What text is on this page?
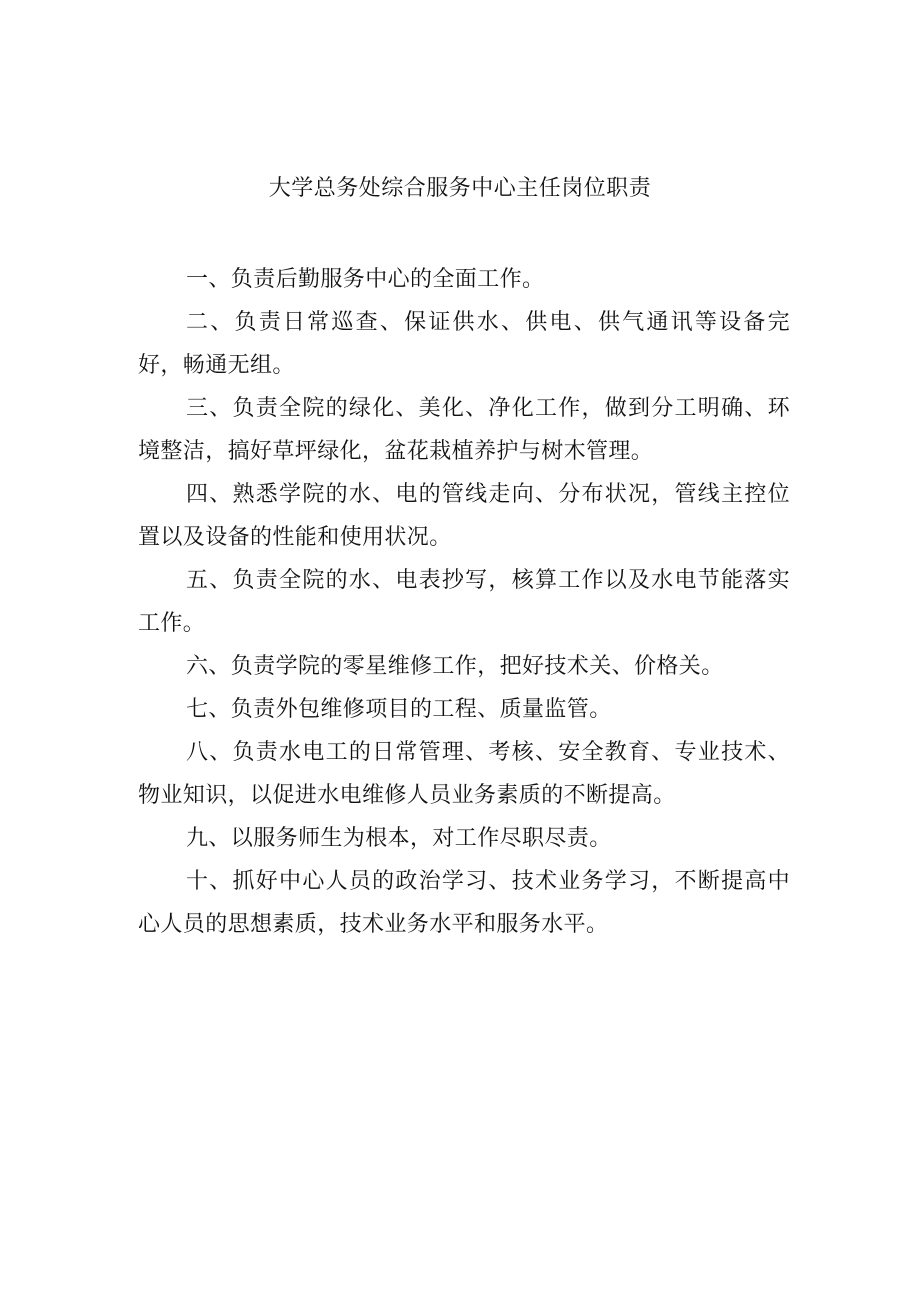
大学总务处综合服务中心主任岗位职责

一、负责后勤服务中心的全面工作。

二、负责日常巡查、保证供水、供电、供气通讯等设备完好，畅通无组。

三、负责全院的绿化、美化、净化工作，做到分工明确、环境整洁，搞好草坪绿化，盆花栽植养护与树木管理。

四、熟悉学院的水、电的管线走向、分布状况，管线主控位置以及设备的性能和使用状况。

五、负责全院的水、电表抄写，核算工作以及水电节能落实工作。

六、负责学院的零星维修工作，把好技术关、价格关。

七、负责外包维修项目的工程、质量监管。

八、负责水电工的日常管理、考核、安全教育、专业技术、物业知识，以促进水电维修人员业务素质的不断提高。

九、以服务师生为根本，对工作尽职尽责。

十、抓好中心人员的政治学习、技术业务学习，不断提高中心人员的思想素质，技术业务水平和服务水平。
